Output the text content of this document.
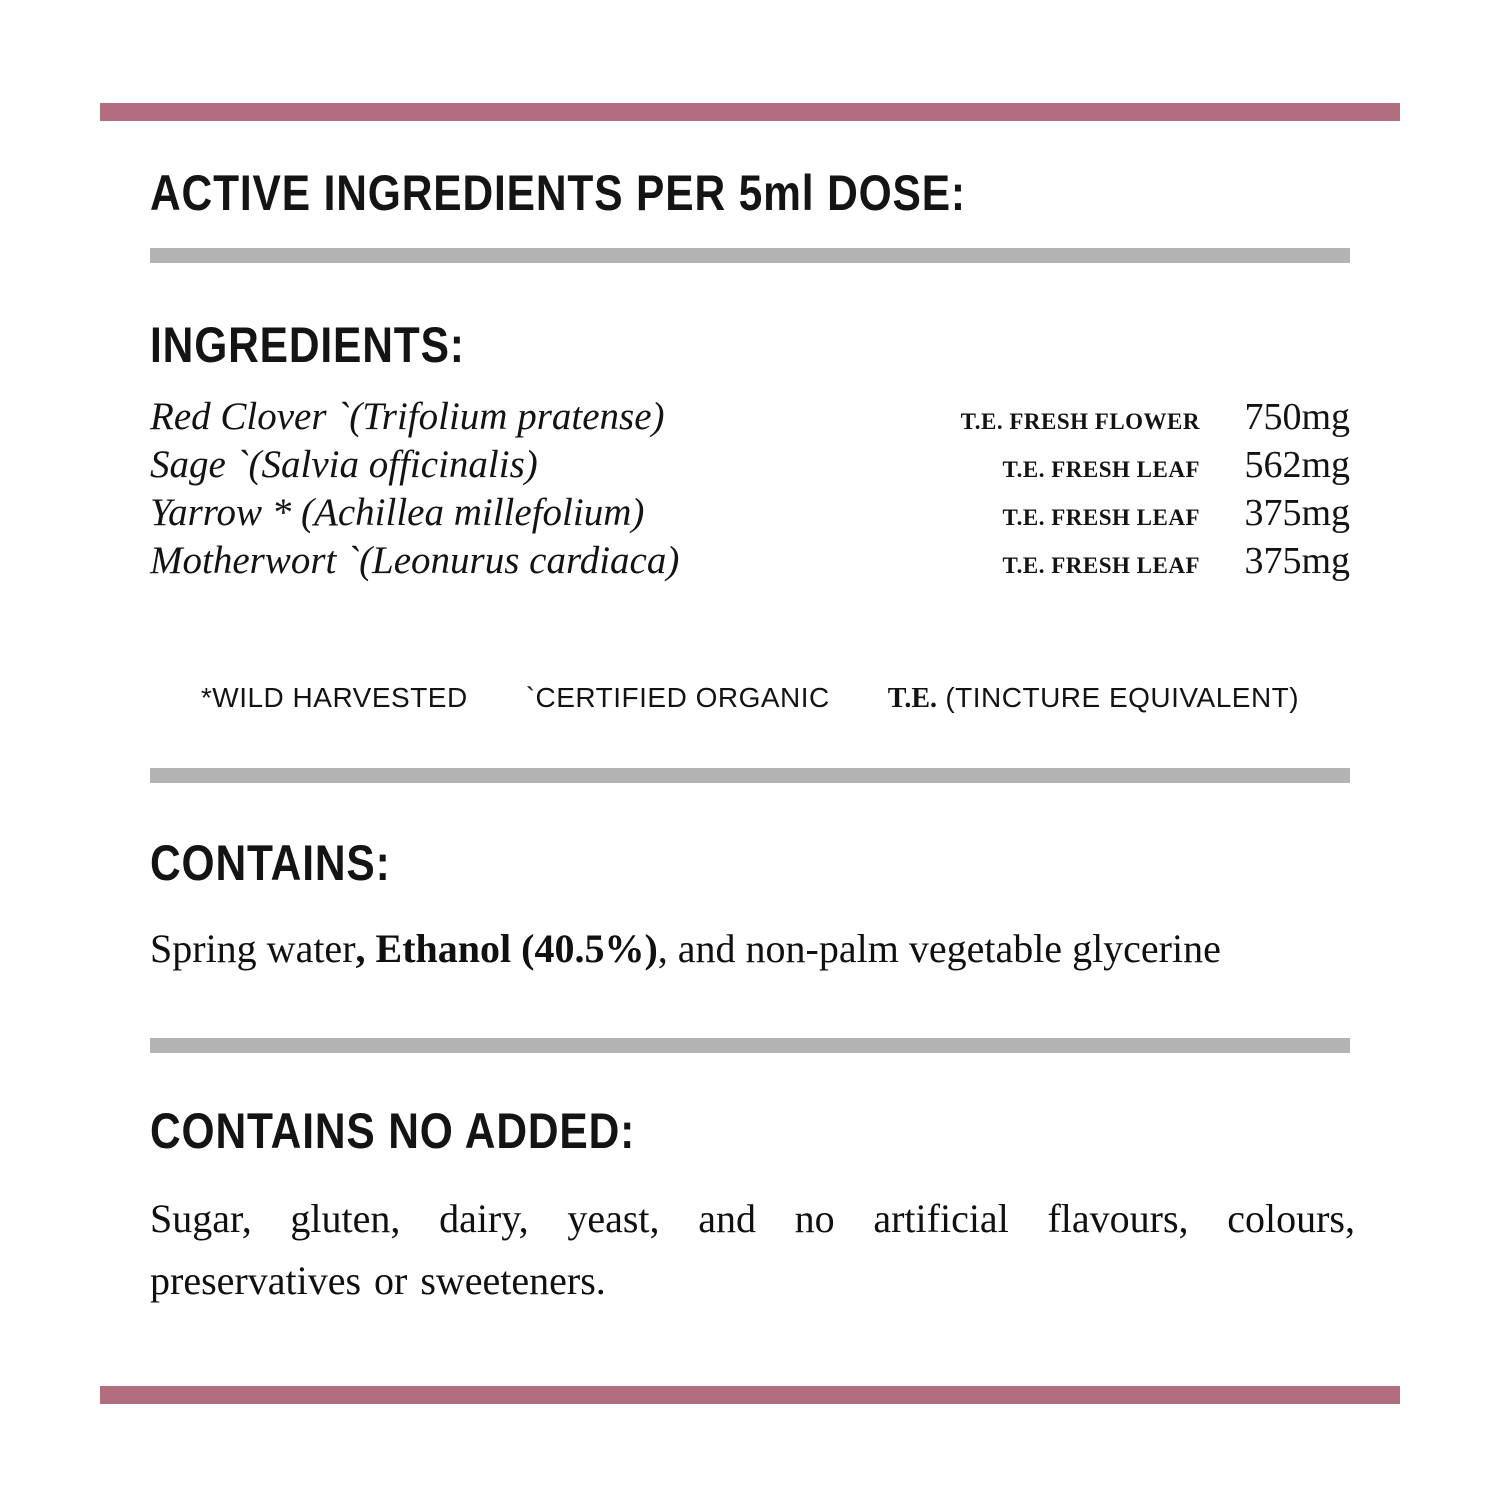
ACTIVE INGREDIENTS PER 5ml DOSE:
INGREDIENTS:
Red Clover `(Trifolium pratense)	T.E. FRESH FLOWER	750mg
Sage `(Salvia officinalis)	T.E. FRESH LEAF	562mg
Yarrow * (Achillea millefolium)	T.E. FRESH LEAF	375mg
Motherwort `(Leonurus cardiaca)	T.E. FRESH LEAF	375mg
*WILD HARVESTED `CERTIFIED ORGANIC T.E. (TINCTURE EQUIVALENT)
CONTAINS:
Spring water, Ethanol (40.5%), and non-palm vegetable glycerine
CONTAINS NO ADDED:
Sugar, gluten, dairy, yeast, and no artificial flavours, colours, preservatives or sweeteners.
